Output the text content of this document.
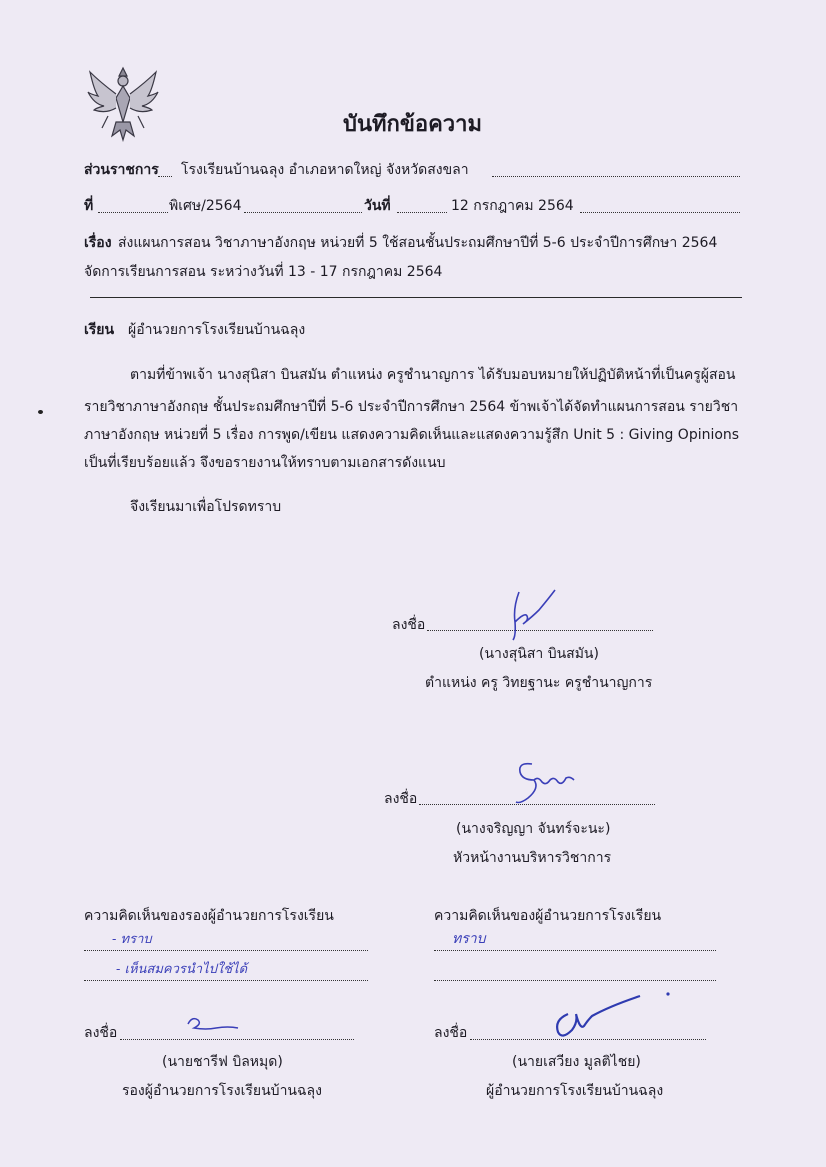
บันทึกข้อความ
ส่วนราชการ โรงเรียนบ้านฉลุง อำเภอหาดใหญ่ จังหวัดสงขลา
ที่	พิเศษ/2564	วันที่	12 กรกฎาคม 2564
เรื่อง ส่งแผนการสอน วิชาภาษาอังกฤษ หน่วยที่ 5 ใช้สอนชั้นประถมศึกษาปีที่ 5-6 ประจำปีการศึกษา 2564
จัดการเรียนการสอน ระหว่างวันที่ 13 - 17 กรกฎาคม 2564
เรียน ผู้อำนวยการโรงเรียนบ้านฉลุง
ตามที่ข้าพเจ้า นางสุนิสา บินสมัน ตำแหน่ง ครูชำนาญการ ได้รับมอบหมายให้ปฏิบัติหน้าที่เป็นครูผู้สอน
รายวิชาภาษาอังกฤษ ชั้นประถมศึกษาปีที่ 5-6 ประจำปีการศึกษา 2564 ข้าพเจ้าได้จัดทำแผนการสอน รายวิชา
ภาษาอังกฤษ หน่วยที่ 5 เรื่อง การพูด/เขียน แสดงความคิดเห็นและแสดงความรู้สึก Unit 5 : Giving Opinions
เป็นที่เรียบร้อยแล้ว จึงขอรายงานให้ทราบตามเอกสารดังแนบ
จึงเรียนมาเพื่อโปรดทราบ
ลงชื่อ
(นางสุนิสา บินสมัน)
ตำแหน่ง ครู วิทยฐานะ ครูชำนาญการ
ลงชื่อ
(นางจริญญา จันทร์จะนะ)
หัวหน้างานบริหารวิชาการ
ความคิดเห็นของรองผู้อำนวยการโรงเรียน
- ทราบ
- เห็นสมควรนำไปใช้ได้
ลงชื่อ
(นายชารีฟ บิลหมุด)
รองผู้อำนวยการโรงเรียนบ้านฉลุง
ความคิดเห็นของผู้อำนวยการโรงเรียน
ทราบ
ลงชื่อ
(นายเสวียง มูลติไชย)
ผู้อำนวยการโรงเรียนบ้านฉลุง
